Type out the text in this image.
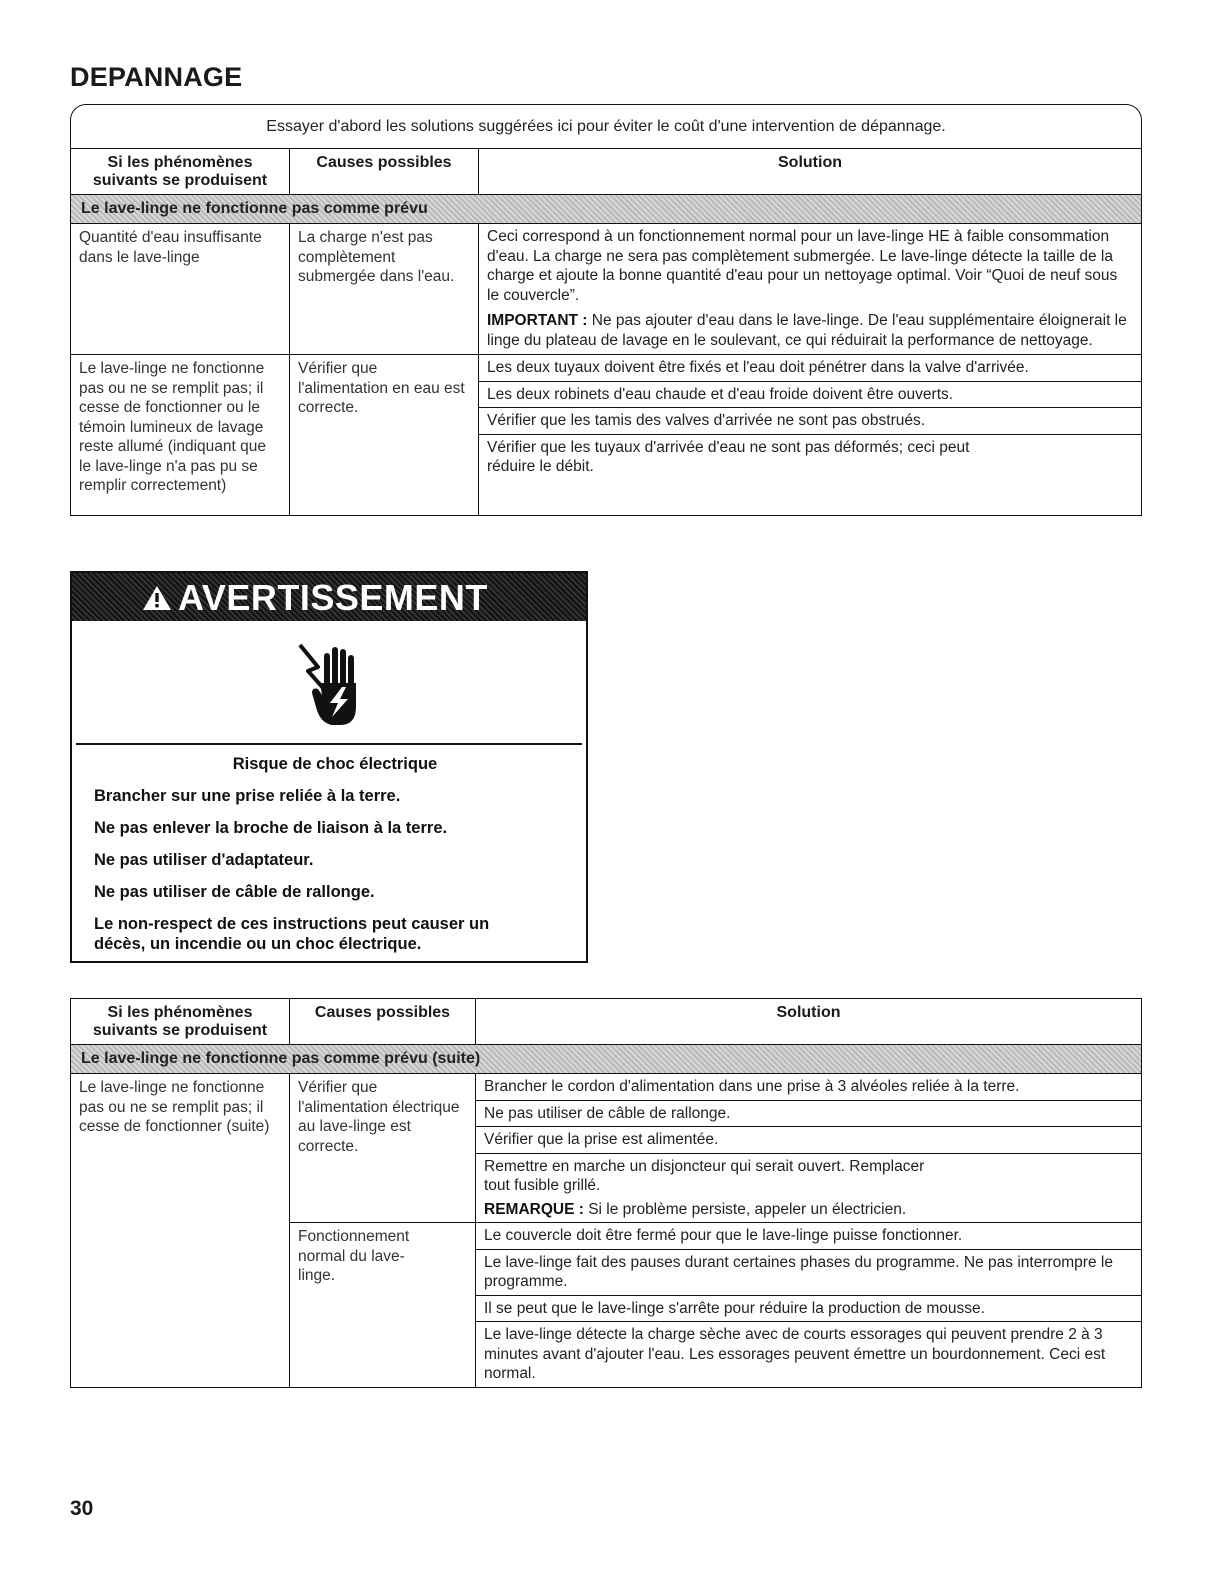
DEPANNAGE
Essayer d'abord les solutions suggérées ici pour éviter le coût d'une intervention de dépannage.
Si les phénomènes suivants se produisent	Causes possibles	Solution
Le lave-linge ne fonctionne pas comme prévu		
Quantité d'eau insuffisante dans le lave-linge	La charge n'est pas complètement submergée dans l'eau.	Ceci correspond à un fonctionnement normal pour un lave-linge HE à faible consommation d'eau. La charge ne sera pas complètement submergée. Le lave-linge détecte la taille de la charge et ajoute la bonne quantité d'eau pour un nettoyage optimal. Voir “Quoi de neuf sous le couvercle”.
IMPORTANT : Ne pas ajouter d'eau dans le lave-linge. De l'eau supplémentaire éloignerait le linge du plateau de lavage en le soulevant, ce qui réduirait la performance de nettoyage.

Le lave-linge ne fonctionne pas ou ne se remplit pas; il cesse de fonctionner ou le témoin lumineux de lavage reste allumé (indiquant que le lave-linge n'a pas pu se remplir correctement)	Vérifier que l'alimentation en eau est correcte.	Les deux tuyaux doivent être fixés et l'eau doit pénétrer dans la valve d'arrivée.
Les deux robinets d'eau chaude et d'eau froide doivent être ouverts.
Vérifier que les tamis des valves d'arrivée ne sont pas obstrués.
Vérifier que les tuyaux d'arrivée d'eau ne sont pas déformés; ceci peut réduire le débit.
AVERTISSEMENT
Risque de choc électrique
Brancher sur une prise reliée à la terre.
Ne pas enlever la broche de liaison à la terre.
Ne pas utiliser d'adaptateur.
Ne pas utiliser de câble de rallonge.
Le non-respect de ces instructions peut causer un décès, un incendie ou un choc électrique.
Si les phénomènes suivants se produisent	Causes possibles	Solution
Le lave-linge ne fonctionne pas comme prévu (suite)		
Le lave-linge ne fonctionne pas ou ne se remplit pas; il cesse de fonctionner (suite)	Vérifier que l'alimentation électrique au lave-linge est correcte.	Brancher le cordon d'alimentation dans une prise à 3 alvéoles reliée à la terre.
Ne pas utiliser de câble de rallonge.
Vérifier que la prise est alimentée.
Remettre en marche un disjoncteur qui serait ouvert. Remplacer tout fusible grillé.
REMARQUE : Si le problème persiste, appeler un électricien.

	Fonctionnement normal du lave-linge.	Le couvercle doit être fermé pour que le lave-linge puisse fonctionner.
Le lave-linge fait des pauses durant certaines phases du programme. Ne pas interrompre le programme.
Il se peut que le lave-linge s'arrête pour réduire la production de mousse.
Le lave-linge détecte la charge sèche avec de courts essorages qui peuvent prendre 2 à 3 minutes avant d'ajouter l'eau. Les essorages peuvent émettre un bourdonnement. Ceci est normal.
30
